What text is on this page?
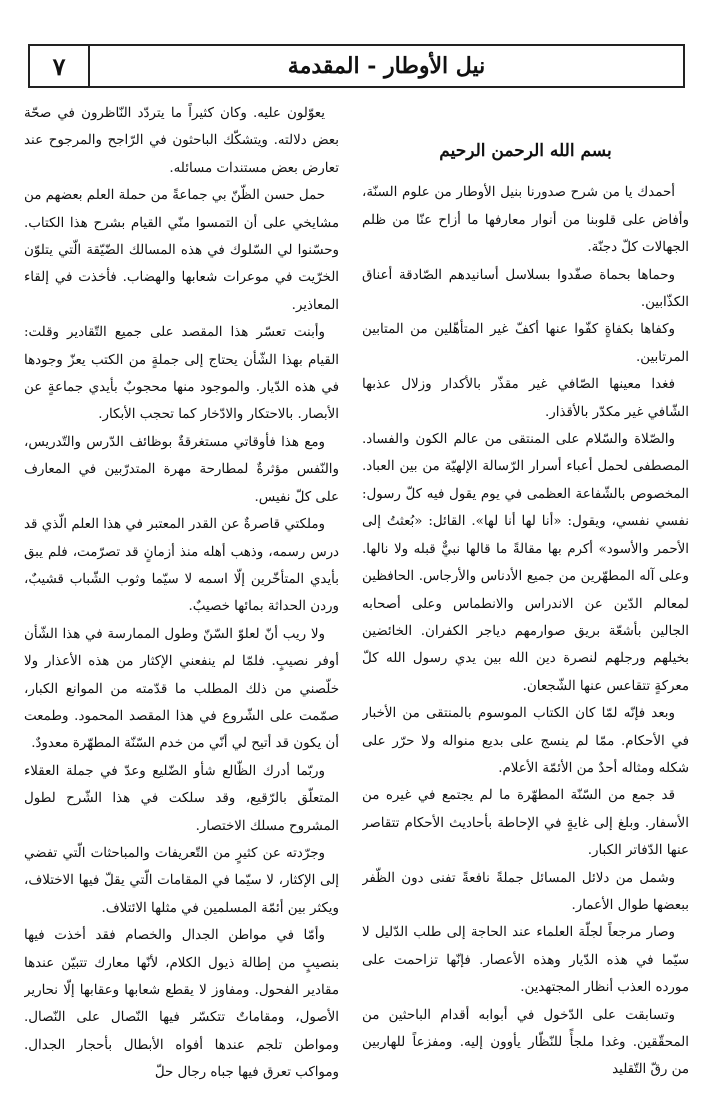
٧	نيل الأوطار - المقدمة
بسم الله الرحمن الرحيم

أحمدك يا من شرح صدورنا بنيل الأوطار من علوم السنّة، وأفاض على قلوبنا من أنوار معارفها ما أزاح عنّا من ظلم الجهالات كلّ دجنّة.

وحماها بحماة صفّدوا بسلاسل أسانيدهم الصّادقة أعناق الكذّابين.

وكفاها بكفاةٍ كفّوا عنها أكفّ غير المتأهّلين من المتابين المرتابين.

فغدا معينها الصّافي غير مقذّر بالأكدار وزلال عذبها الشّافي غير مكدّر بالأقذار.

والصّلاة والسّلام على المنتقى من عالم الكون والفساد. المصطفى لحمل أعباء أسرار الرّسالة الإلهيّة من بين العباد. المخصوص بالشّفاعة العظمى في يوم يقول فيه كلّ رسول: نفسي نفسي، ويقول: «أنا لها أنا لها». القائل: «بُعثتُ إلى الأحمر والأسود» أكرم بها مقالةً ما قالها نبيٌّ قبله ولا نالها. وعلى آله المطهّرين من جميع الأدناس والأرجاس. الحافظين لمعالم الدّين عن الاندراس والانطماس وعلى أصحابه الجالين بأشعّة بريق صوارمهم دياجر الكفران. الخائضين بخيلهم ورجلهم لنصرة دين الله بين يدي رسول الله كلّ معركةٍ تتقاعس عنها الشّجعان.

وبعد فإنّه لمّا كان الكتاب الموسوم بالمنتقى من الأخبار في الأحكام. ممّا لم ينسج على بديع منواله ولا حرّر على شكله ومثاله أحدٌ من الأئمّة الأعلام.

قد جمع من السّنّة المطهّرة ما لم يجتمع في غيره من الأسفار. وبلغ إلى غايةٍ في الإحاطة بأحاديث الأحكام تتقاصر عنها الدّفاتر الكبار.

وشمل من دلائل المسائل جملةً نافعةً تفنى دون الظّفر ببعضها طوال الأعمار.

وصار مرجعاً لجلّة العلماء عند الحاجة إلى طلب الدّليل لا سيّما في هذه الدّيار وهذه الأعصار. فإنّها تزاحمت على مورده العذب أنظار المجتهدين.

وتسابقت على الدّخول في أبوابه أقدام الباحثين من المحقّقين. وغدا ملجأً للنّظّار يأوون إليه. ومفزعاً للهاربين من رقّ التّقليد

يعوّلون عليه. وكان كثيراً ما يتردّد النّاظرون في صحّة بعض دلالته. ويتشكّك الباحثون في الرّاجح والمرجوح عند تعارض بعض مستندات مسائله.

حمل حسن الظّنّ بي جماعةً من حملة العلم بعضهم من مشايخي على أن التمسوا منّي القيام بشرح هذا الكتاب. وحسّنوا لي السّلوك في هذه المسالك الضّيّقة الّتي يتلوّن الخرّيت في موعرات شعابها والهضاب. فأخذت في إلقاء المعاذير.

وأبنت تعسّر هذا المقصد على جميع التّقادير وقلت: القيام بهذا الشّأن يحتاج إلى جملةٍ من الكتب يعزّ وجودها في هذه الدّيار. والموجود منها محجوبٌ بأيدي جماعةٍ عن الأبصار. بالاحتكار والادّخار كما تحجب الأبكار.

ومع هذا فأوقاتي مستغرقةٌ بوظائف الدّرس والتّدريس، والنّفس مؤثرةٌ لمطارحة مهرة المتدرّبين في المعارف على كلّ نفيس.

وملكتي قاصرةٌ عن القدر المعتبر في هذا العلم الّذي قد درس رسمه، وذهب أهله منذ أزمانٍ قد تصرّمت، فلم يبق بأيدي المتأخّرين إلّا اسمه لا سيّما وثوب الشّباب قشيبٌ، وردن الحداثة بمائها خصيبٌ.

ولا ريب أنّ لعلوّ السّنّ وطول الممارسة في هذا الشّأن أوفر نصيبٍ. فلمّا لم ينفعني الإكثار من هذه الأعذار ولا خلّصني من ذلك المطلب ما قدّمته من الموانع الكبار، صمّمت على الشّروع في هذا المقصد المحمود. وطمعت أن يكون قد أتيح لي أنّي من خدم السّنّة المطهّرة معدودٌ.

وربّما أدرك الظّالع شأو الضّليع وعدّ في جملة العقلاء المتعلّق بالرّقيع، وقد سلكت في هذا الشّرح لطول المشروح مسلك الاختصار.

وجرّدته عن كثيرٍ من التّعريفات والمباحثات الّتي تفضي إلى الإكثار، لا سيّما في المقامات الّتي يقلّ فيها الاختلاف، ويكثر بين أئمّة المسلمين في مثلها الائتلاف.

وأمّا في مواطن الجدال والخصام فقد أخذت فيها بنصيبٍ من إطالة ذيول الكلام، لأنّها معارك تتبيّن عندها مقادير الفحول. ومفاوز لا يقطع شعابها وعقابها إلّا نحارير الأصول، ومقاماتٌ تتكسّر فيها النّصال على النّصال. ومواطن تلجم عندها أفواه الأبطال بأحجار الجدال. ومواكب تعرق فيها جباه رجال حلّ
